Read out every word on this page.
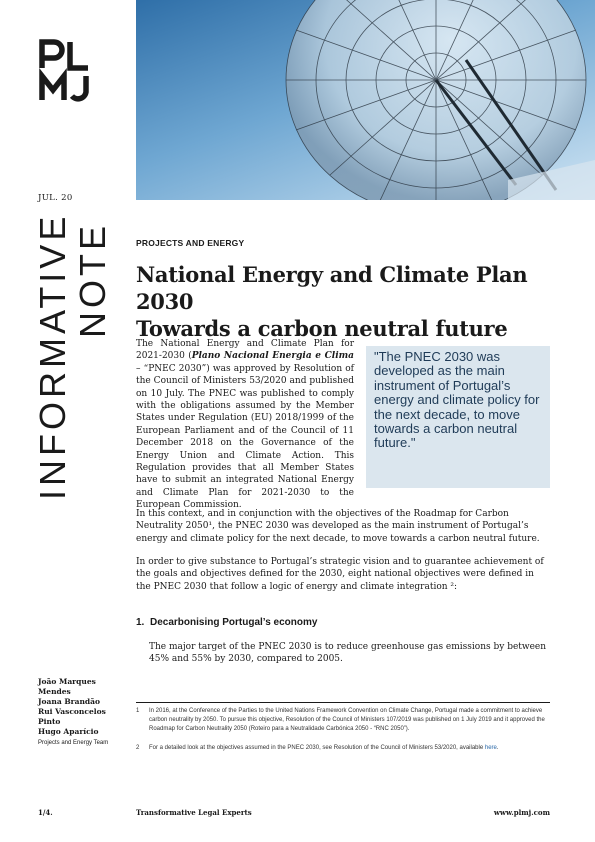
JUL. 20
INFORMATIVE NOTE	PROJECTS AND ENERGY
National Energy and Climate Plan 2030
Towards a carbon neutral future
The National Energy and Climate Plan for 2021-2030 (Plano Nacional Energia e Clima – “PNEC 2030”) was approved by Resolution of the Council of Ministers 53/2020 and published on 10 July. The PNEC was published to comply with the obligations assumed by the Member States under Regulation (EU) 2018/1999 of the European Parliament and of the Council of 11 December 2018 on the Governance of the Energy Union and Climate Action. This Regulation provides that all Member States have to submit an integrated National Energy and Climate Plan for 2021-2030 to the European Commission.

"The PNEC 2030 was developed as the main instrument of Portugal’s energy and climate policy for the next decade, to move towards a carbon neutral future."

In this context, and in conjunction with the objectives of the Roadmap for Carbon Neutrality 2050¹, the PNEC 2030 was developed as the main instrument of Portugal’s energy and climate policy for the next decade, to move towards a carbon neutral future.
In order to give substance to Portugal’s strategic vision and to guarantee achievement of the goals and objectives defined for the 2030, eight national objectives were defined in the PNEC 2030 that follow a logic of energy and climate integration ²:
1. Decarbonising Portugal’s economy
The major target of the PNEC 2030 is to reduce greenhouse gas emissions by between 45% and 55% by 2030, compared to 2005.
João Marques Mendes
Joana Brandão
Rui Vasconcelos Pinto
Hugo Aparício
Projects and Energy Team
1 In 2016, at the Conference of the Parties to the United Nations Framework Convention on Climate Change, Portugal made a commitment to achieve carbon neutrality by 2050. To pursue this objective, Resolution of the Council of Ministers 107/2019 was published on 1 July 2019 and it approved the Roadmap for Carbon Neutrality 2050 (Roteiro para a Neutralidade Carbónica 2050 - “RNC 2050”).
2 For a detailed look at the objectives assumed in the PNEC 2030, see Resolution of the Council of Ministers 53/2020, available here.
1/4.	Transformative Legal Experts	www.plmj.com
